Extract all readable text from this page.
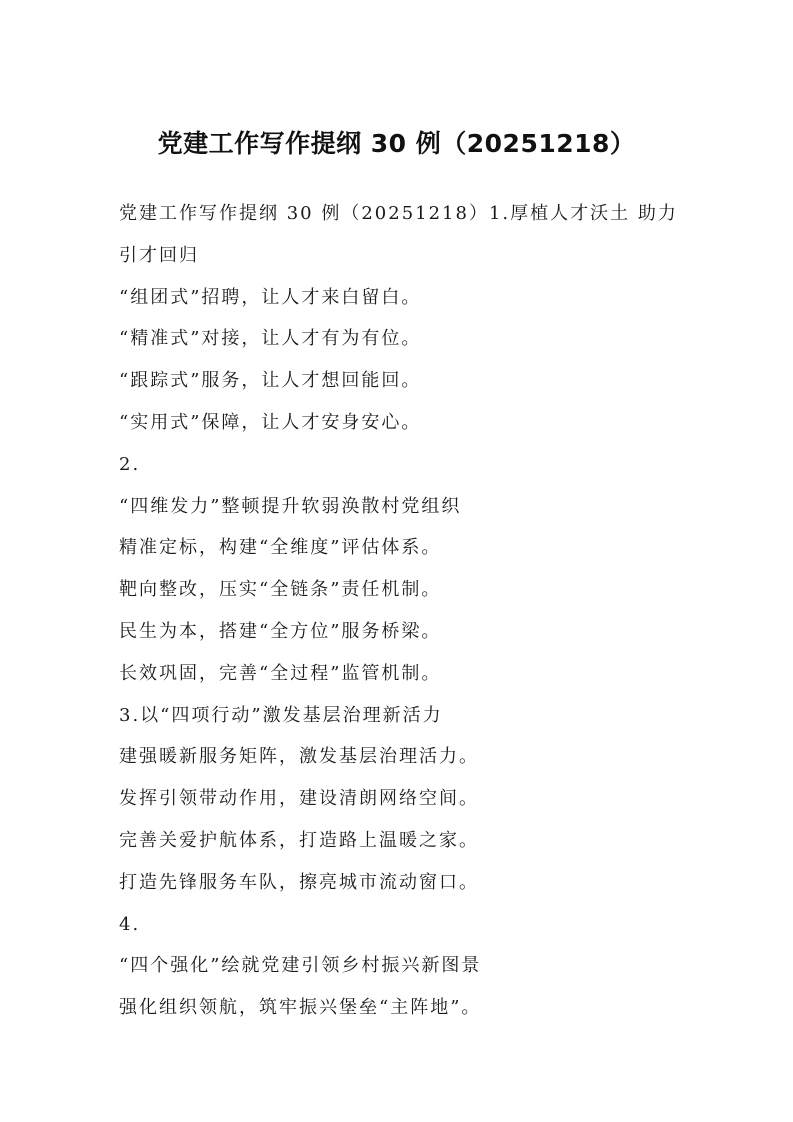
党建工作写作提纲 30 例（20251218）
党建工作写作提纲 30 例（20251218）1.厚植人才沃土 助力
引才回归
“组团式”招聘，让人才来白留白。
“精准式”对接，让人才有为有位。
“跟踪式”服务，让人才想回能回。
“实用式”保障，让人才安身安心。
2.
“四维发力”整顿提升软弱涣散村党组织
精准定标，构建“全维度”评估体系。
靶向整改，压实“全链条”责任机制。
民生为本，搭建“全方位”服务桥梁。
长效巩固，完善“全过程”监管机制。
3.以“四项行动”激发基层治理新活力
建强暖新服务矩阵，激发基层治理活力。
发挥引领带动作用，建设清朗网络空间。
完善关爱护航体系，打造路上温暖之家。
打造先锋服务车队，擦亮城市流动窗口。
4.
“四个强化”绘就党建引领乡村振兴新图景
强化组织领航，筑牢振兴堡垒“主阵地”。
